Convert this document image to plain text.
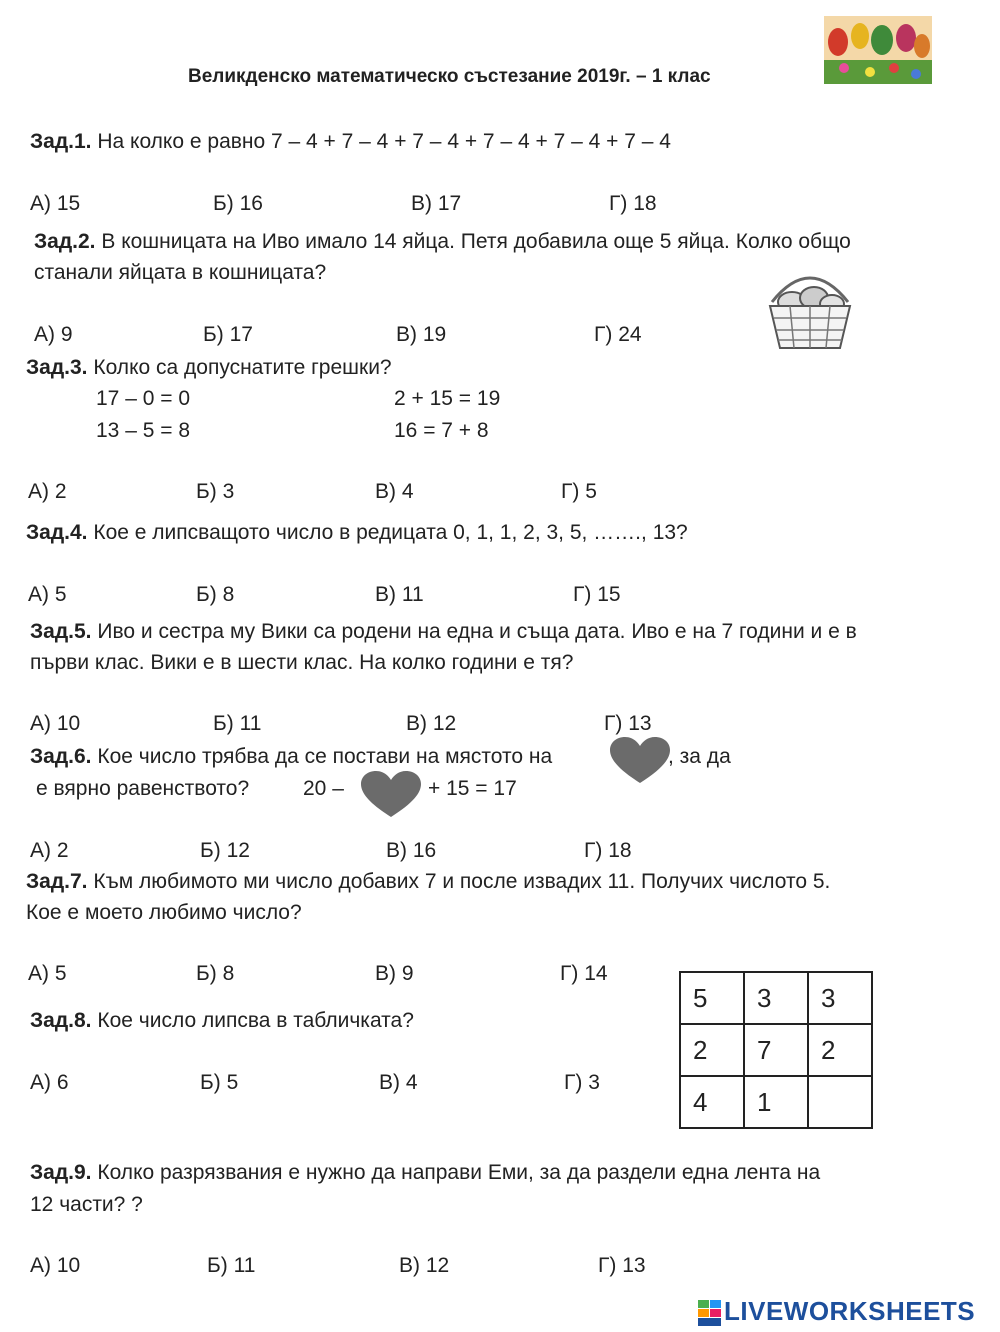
Великденско математическо състезание 2019г. – 1 клас
Зад.1. На колко е равно 7 – 4 + 7 – 4 + 7 – 4 + 7 – 4 + 7 – 4 + 7 – 4
А) 15	Б) 16	В) 17	Г) 18
Зад.2. В кошницата на Иво имало 14 яйца. Петя добавила още 5 яйца. Колко общо
станали яйцата в кошницата?
А) 9	Б) 17	В) 19	Г) 24
Зад.3. Колко са допуснатите грешки?
17 – 0 = 0	2 + 15 = 19
13 – 5 = 8	16 = 7 + 8
А) 2	Б) 3	В) 4	Г) 5
Зад.4. Кое е липсващото число в редицата 0, 1, 1, 2, 3, 5, ……., 13?
А) 5	Б) 8	В) 11	Г) 15
Зад.5. Иво и сестра му Вики са родени на една и съща дата. Иво е на 7 години и е в
първи клас. Вики е в шести клас. На колко години е тя?
А) 10	Б) 11	В) 12	Г) 13
Зад.6. Кое число трябва да се постави на мястото на	, за да
е вярно равенството?	20 –	+ 15 = 17
А) 2	Б) 12	В) 16	Г) 18
Зад.7. Към любимото ми число добавих 7 и после извадих 11. Получих числото 5.
Кое е моето любимо число?
А) 5	Б) 8	В) 9	Г) 14
Зад.8. Кое число липсва в табличката?
А) 6	Б) 5	В) 4	Г) 3
5	3	3
2	7	2
4	1	
Зад.9. Колко разрязвания е нужно да направи Еми, за да раздели една лента на
12 части? ?
А) 10	Б) 11	В) 12	Г) 13
LIVEWORKSHEETS
